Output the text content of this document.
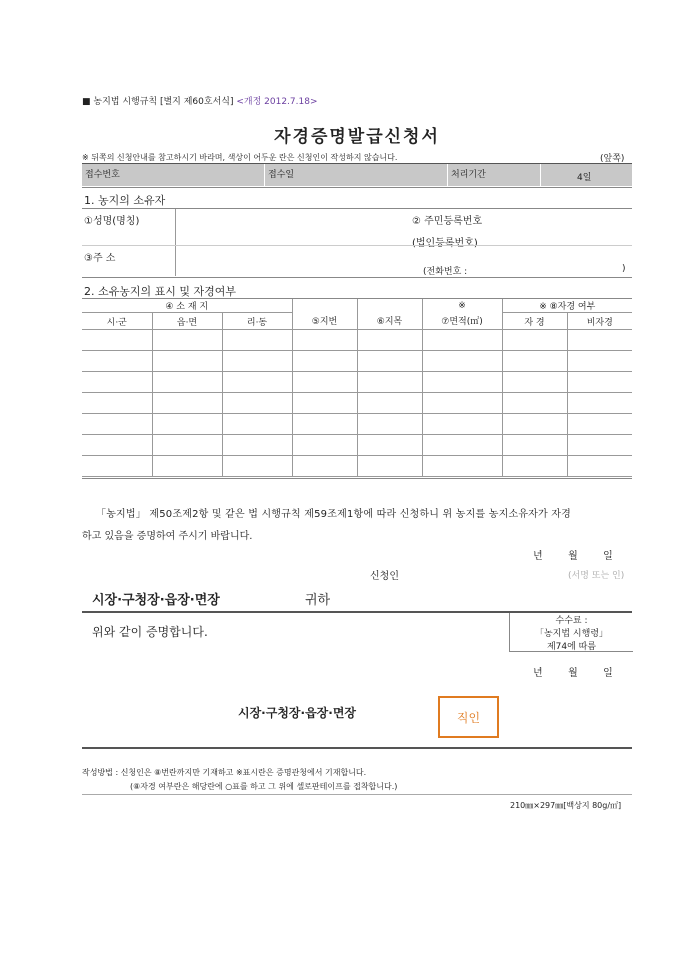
■ 농지법 시행규칙 [별지 제60호서식] <개정 2012.7.18>
자경증명발급신청서
※ 뒤쪽의 신청안내를 참고하시기 바라며, 색상이 어두운 란은 신청인이 작성하지 않습니다.	(앞쪽)
접수번호	접수일	처리기간	4일
1. 농지의 소유자
①성명(명칭)	② 주민등록번호
(법인등록번호)
③주 소
(전화번호 :	)
2. 소유농지의 표시 및 자경여부
④ 소 재 지					※	※ ⑧자경 여부	
시·군	읍·면	리·동	⑤지번	⑥지목	⑦면적(㎡)	자 경	비자경

「농지법」 제50조제2항 및 같은 법 시행규칙 제59조제1항에 따라 신청하니 위 농지를 농지소유자가 자경
하고 있음을 증명하여 주시기 바랍니다.
년        월        일
신청인	(서명 또는 인)
시장·구청장·읍장·면장	귀하
위와 같이 증명합니다.
수수료 :
「농지법 시행령」
제74에 따름
년        월        일
시장·구청장·읍장·면장	직인
작성방법 : 신청인은 ⑧번란까지만 기재하고 ※표시란은 증명관청에서 기재합니다.
(⑧자경 여부란은 해당란에 ○표를 하고 그 위에 셀로판테이프를 접착합니다.)
210㎜×297㎜[백상지 80g/㎡]
